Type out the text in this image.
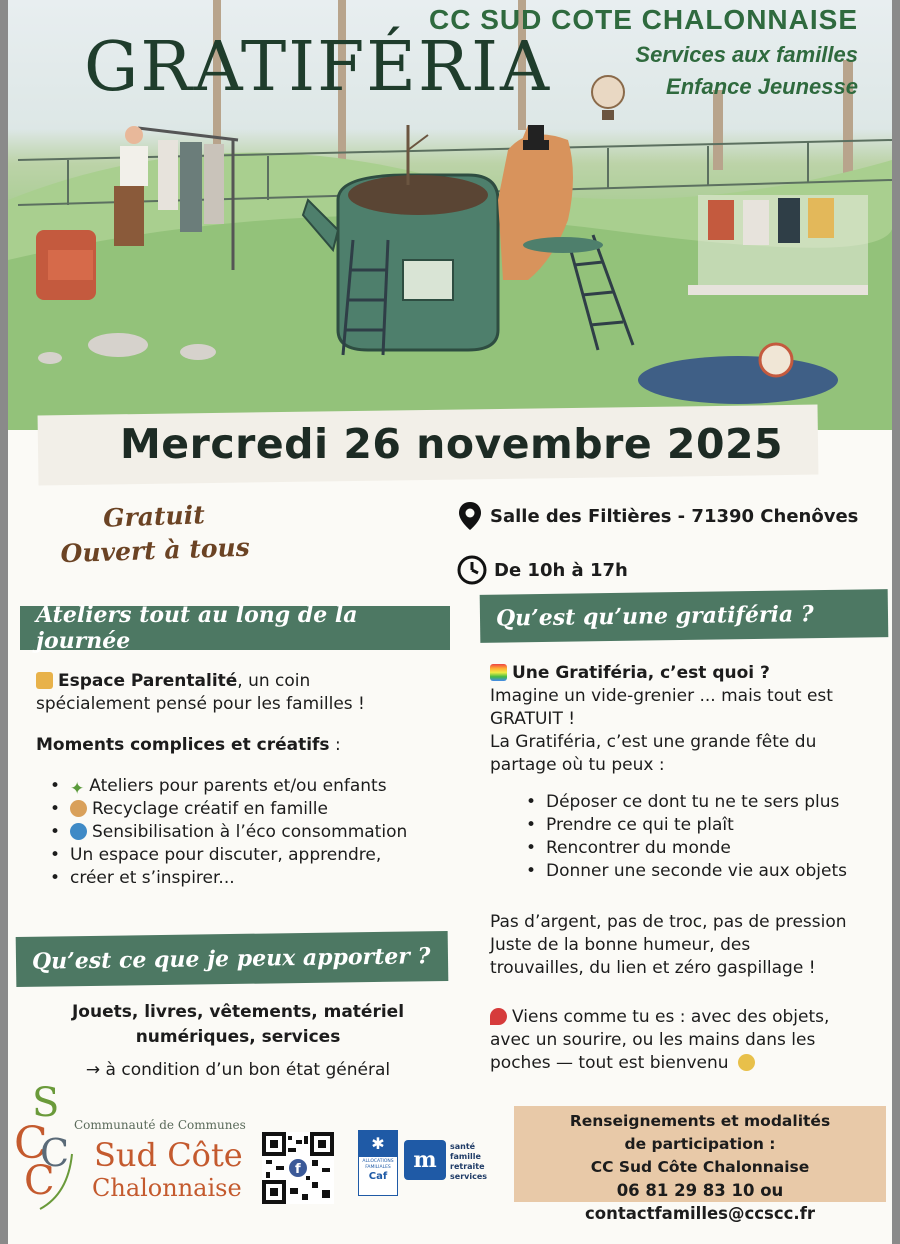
GRATIFÉRIA
CC SUD COTE CHALONNAISE
Services aux familles
Enfance Jeunesse
Mercredi 26 novembre 2025
Gratuit
Ouvert à tous
Salle des Filtières - 71390 Chenôves
De 10h à 17h
Ateliers tout au long de la journée
Qu’est qu’une gratiféria ?
Espace Parentalité, un coin
spécialement pensé pour les familles !
Moments complices et créatifs :
• ✦ Ateliers pour parents et/ou enfants
• Recyclage créatif en famille
• Sensibilisation à l’éco consommation
• Un espace pour discuter, apprendre,
• créer et s’inspirer...
Qu’est ce que je peux apporter ?
Jouets, livres, vêtements, matériel
numériques, services
→ à condition d’un bon état général
Une Gratiféria, c’est quoi ?
Imagine un vide-grenier ... mais tout est
GRATUIT !
La Gratiféria, c’est une grande fête du
partage où tu peux :
• Déposer ce dont tu ne te sers plus
• Prendre ce qui te plaît
• Rencontrer du monde
• Donner une seconde vie aux objets
Pas d’argent, pas de troc, pas de pression
Juste de la bonne humeur, des
trouvailles, du lien et zéro gaspillage !
Viens comme tu es : avec des objets,
avec un sourire, ou les mains dans les
poches — tout est bienvenu
S
C
C
C
Communauté de Communes
Sud Côte
Chalonnaise
f
✱
ALLOCATIONS
FAMILIALES
Caf
m
santé
famille
retraite
services
Renseignements et modalités
de participation :
CC Sud Côte Chalonnaise
06 81 29 83 10 ou contactfamilles@ccscc.fr
